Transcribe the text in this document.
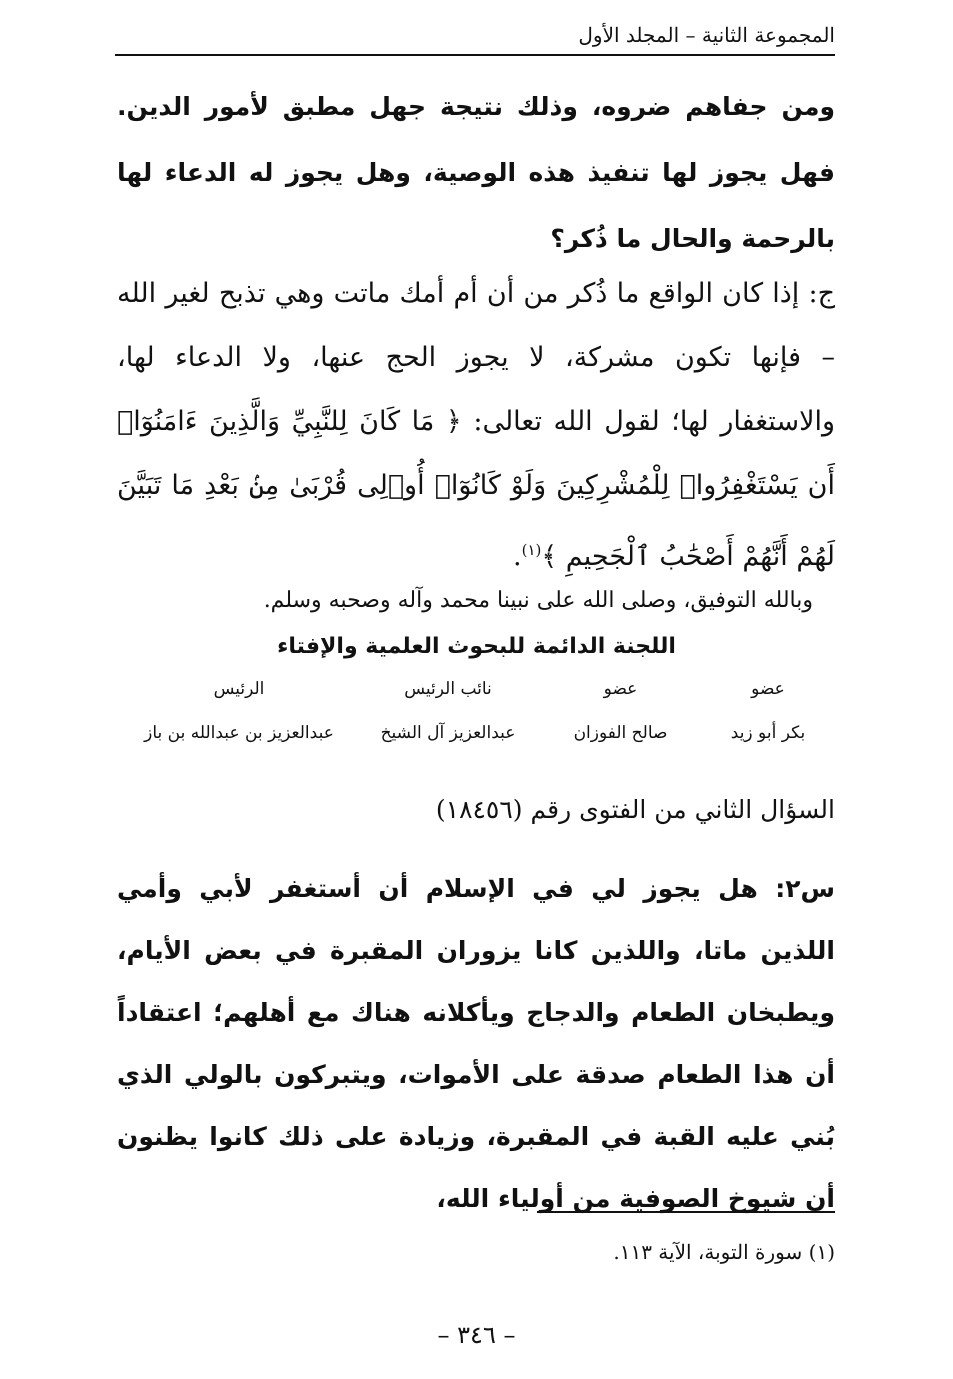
المجموعة الثانية – المجلد الأول
ومن جفاهم ضروه، وذلك نتيجة جهل مطبق لأمور الدين. فهل يجوز لها تنفيذ هذه الوصية، وهل يجوز له الدعاء لها بالرحمة والحال ما ذُكر؟
ج: إذا كان الواقع ما ذُكر من أن أم أمك ماتت وهي تذبح لغير الله – فإنها تكون مشركة، لا يجوز الحج عنها، ولا الدعاء لها، والاستغفار لها؛ لقول الله تعالى: ﴿ مَا كَانَ لِلنَّبِيِّ وَالَّذِينَ ءَامَنُوٓا۟ أَن يَسْتَغْفِرُوا۟ لِلْمُشْرِكِينَ وَلَوْ كَانُوٓا۟ أُو۟لِى قُرْبَىٰ مِنۢ بَعْدِ مَا تَبَيَّنَ لَهُمْ أَنَّهُمْ أَصْحَٰبُ ٱلْجَحِيمِ ﴾$^{(١)}$.
وبالله التوفيق، وصلى الله على نبينا محمد وآله وصحبه وسلم.
اللجنة الدائمة للبحوث العلمية والإفتاء
عضو
عضو
نائب الرئيس
الرئيس
بكر أبو زيد
صالح الفوزان
عبدالعزيز آل الشيخ
عبدالعزيز بن عبدالله بن باز
السؤال الثاني من الفتوى رقم (١٨٤٥٦)
س٢: هل يجوز لي في الإسلام أن أستغفر لأبي وأمي اللذين ماتا، واللذين كانا يزوران المقبرة في بعض الأيام، ويطبخان الطعام والدجاج ويأكلانه هناك مع أهلهم؛ اعتقاداً أن هذا الطعام صدقة على الأموات، ويتبركون بالولي الذي بُني عليه القبة في المقبرة، وزيادة على ذلك كانوا يظنون أن شيوخ الصوفية من أولياء الله،
(١) سورة التوبة، الآية ١١٣.
– ٣٤٦ –
